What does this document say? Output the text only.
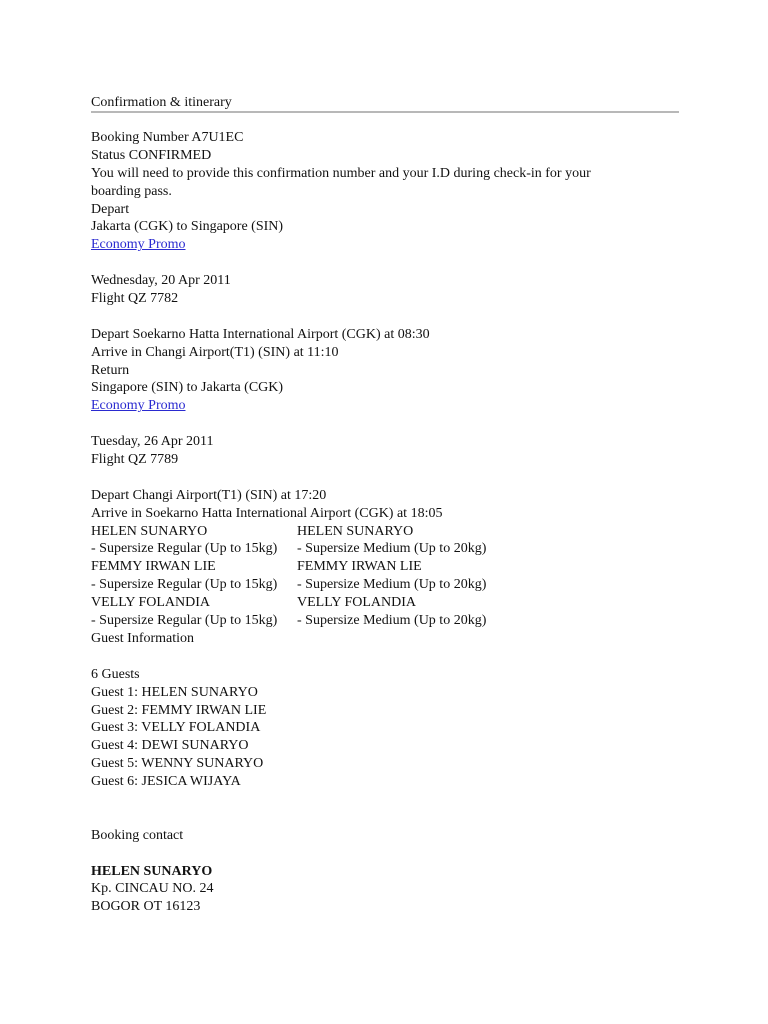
Confirmation & itinerary
Booking Number A7U1EC
Status CONFIRMED
You will need to provide this confirmation number and your I.D during check-in for your
boarding pass.
Depart
Jakarta (CGK) to Singapore (SIN)
Economy Promo
Wednesday, 20 Apr 2011
Flight QZ 7782
Depart Soekarno Hatta International Airport (CGK) at 08:30
Arrive in Changi Airport(T1) (SIN) at 11:10
Return
Singapore (SIN) to Jakarta (CGK)
Economy Promo
Tuesday, 26 Apr 2011
Flight QZ 7789
Depart Changi Airport(T1) (SIN) at 17:20
Arrive in Soekarno Hatta International Airport (CGK) at 18:05
HELEN SUNARYO	HELEN SUNARYO
- Supersize Regular (Up to 15kg)	- Supersize Medium (Up to 20kg)
FEMMY IRWAN LIE	FEMMY IRWAN LIE
- Supersize Regular (Up to 15kg)	- Supersize Medium (Up to 20kg)
VELLY FOLANDIA	VELLY FOLANDIA
- Supersize Regular (Up to 15kg)	- Supersize Medium (Up to 20kg)
Guest Information
6 Guests
Guest 1: HELEN SUNARYO
Guest 2: FEMMY IRWAN LIE
Guest 3: VELLY FOLANDIA
Guest 4: DEWI SUNARYO
Guest 5: WENNY SUNARYO
Guest 6: JESICA WIJAYA
Booking contact
HELEN SUNARYO
Kp. CINCAU NO. 24
BOGOR OT 16123
